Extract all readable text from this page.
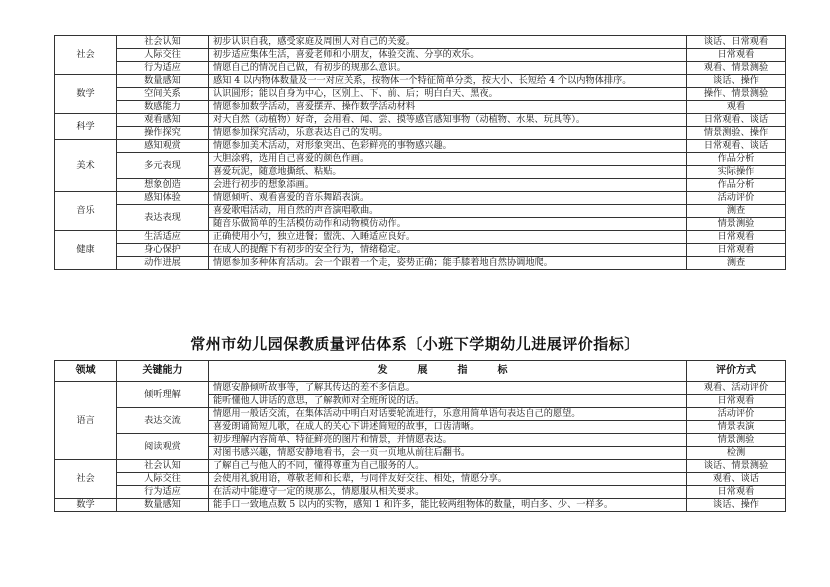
社会	社会认知	初步认识自我，感受家庭及周围人对自己的关爱。	谈话、日常观看
	人际交往	初步适应集体生活，喜爱老师和小朋友，体验交流、分享的欢乐。	日常观看
	行为适应	情愿自己的情况自己做，有初步的规那么意识。	观看、情景测验
数学	数量感知	感知 4 以内物体数量及一一对应关系，按物体一个特征简单分类，按大小、长短给 4 个以内物体排序。	谈话、操作
	空间关系	认识圆形；能以自身为中心，区别上、下、前、后；明白白天、黑夜。	操作、情景测验
	数感能力	情愿参加数学活动，喜爱摆弄、操作数学活动材料	观看
科学	观看感知	对大自然（动植物）好奇，会用看、闻、尝、摸等感官感知事物（动植物、水果、玩具等）。	日常观看、谈话
	操作探究	情愿参加探究活动，乐意表达自己的发明。	情景测验、操作
美术	感知观赏	情愿参加美术活动，对形象突出、色彩鲜亮的事物感兴趣。	日常观看、谈话
	多元表现	大胆涂鸦，选用自己喜爱的颜色作画。	作品分析
		喜爱玩泥，随意地撕纸、粘贴。	实际操作
	想象创造	会进行初步的想象添画。	作品分析
音乐	感知体验	情愿倾听、观看喜爱的音乐舞蹈表演。	活动评价
	表达表现	喜爱歌唱活动，用自然的声音演唱歌曲。	测查
		随音乐做简单的生活模仿动作和动物模仿动作。	情景测验
健康	生活适应	正确使用小勺，独立进餐；盥洗、入睡适应良好。	日常观看
	身心保护	在成人的提醒下有初步的安全行为，情绪稳定。	日常观看
	动作进展	情愿参加多种体育活动。会一个跟着一个走，姿势正确；能手膝着地自然协调地爬。	测查
常州市幼儿园保教质量评估体系〔小班下学期幼儿进展评价指标〕
领域	关键能力	发　展　指　标	评价方式
语言	倾听理解	情愿安静倾听故事等，了解其传达的差不多信息。	观看、活动评价
		能听懂他人讲话的意思，了解教师对全班所说的话。	日常观看
	表达交流	情愿用一般话交流，在集体活动中明白对话要轮流进行，乐意用简单语句表达自己的愿望。	活动评价
		喜爱朗诵简短儿歌，在成人的关心下讲述简短的故事，口齿清晰。	情景表演
	阅读观赏	初步理解内容简单、特征鲜亮的图片和情景，并情愿表达。	情景测验
		对图书感兴趣，情愿安静地看书，会一页一页地从前往后翻书。	检测
社会	社会认知	了解自己与他人的不同，懂得尊重为自己服务的人。	谈话、情景测验
	人际交往	会使用礼貌用语，尊敬老师和长辈，与同伴友好交往、相处，情愿分享。	观看、谈话
	行为适应	在活动中能遵守一定的规那么，情愿服从相关要求。	日常观看
数学	数量感知	能手口一致地点数 5 以内的实物，感知 1 和许多，能比较两组物体的数量，明白多、少、一样多。	谈话、操作
